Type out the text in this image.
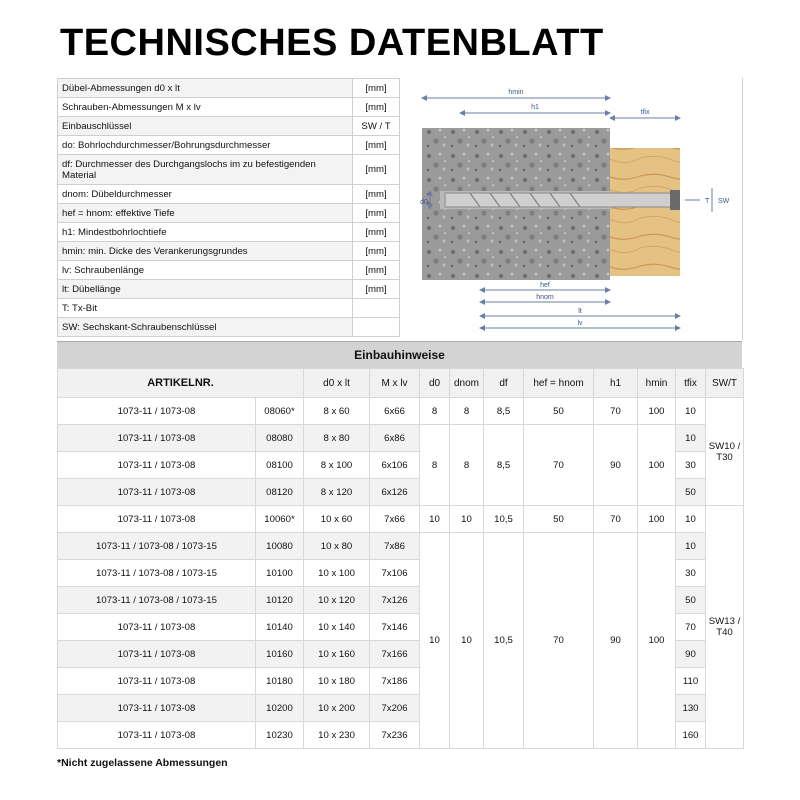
TECHNISCHES DATENBLATT
Dübel-Abmessungen d0 x lt	[mm]
Schrauben-Abmessungen M x lv	[mm]
Einbauschlüssel	SW / T
do: Bohrlochdurchmesser/Bohrungsdurchmesser	[mm]
df: Durchmesser des Durchgangslochs im zu befestigenden Material	[mm]
dnom: Dübeldurchmesser	[mm]
hef = hnom: effektive Tiefe	[mm]
h1: Mindestbohrlochtiefe	[mm]
hmin: min. Dicke des Verankerungsgrundes	[mm]
lv: Schraubenlänge	[mm]
lt: Dübellänge	[mm]
T: Tx-Bit	
SW: Sechskant-Schraubenschlüssel	
hmin
h1
tfix
d0	T SW
hef
hnom
lt
lv
Einbauhinweise
ARTIKELNR.		d0 x lt	M x lv	d0	dnom	df	hef = hnom	h1	hmin	tfix	SW/T
1073-11 / 1073-08	08060*	8 x 60	6x66	8	8	8,5	50	70	100	10	SW10 / T30
1073-11 / 1073-08	08080	8 x 80	6x86	8	8	8,5	70	90	100	10	
1073-11 / 1073-08	08100	8 x 100	6x106							30	
1073-11 / 1073-08	08120	8 x 120	6x126							50	
1073-11 / 1073-08	10060*	10 x 60	7x66	10	10	10,5	50	70	100	10	SW13 / T40
1073-11 / 1073-08 / 1073-15	10080	10 x 80	7x86	10	10	10,5	70	90	100	10	
1073-11 / 1073-08 / 1073-15	10100	10 x 100	7x106							30	
1073-11 / 1073-08 / 1073-15	10120	10 x 120	7x126							50	
1073-11 / 1073-08	10140	10 x 140	7x146							70	
1073-11 / 1073-08	10160	10 x 160	7x166							90	
1073-11 / 1073-08	10180	10 x 180	7x186							110	
1073-11 / 1073-08	10200	10 x 200	7x206							130	
1073-11 / 1073-08	10230	10 x 230	7x236							160	
*Nicht zugelassene Abmessungen
